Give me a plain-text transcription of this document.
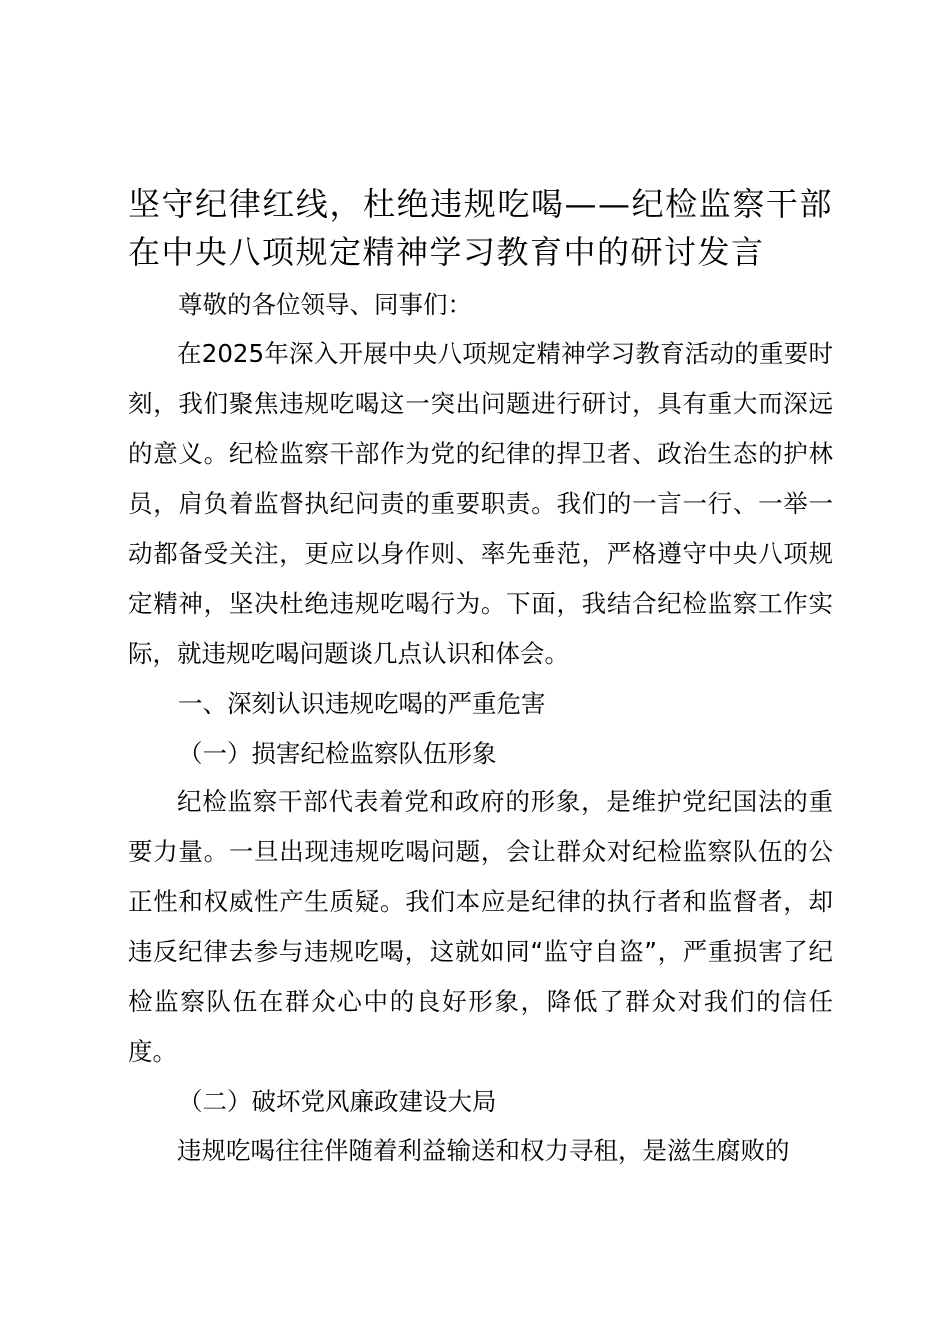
坚守纪律红线，杜绝违规吃喝——纪检监察干部在中央八项规定精神学习教育中的研讨发言

尊敬的各位领导、同事们：

在2025年深入开展中央八项规定精神学习教育活动的重要时刻，我们聚焦违规吃喝这一突出问题进行研讨，具有重大而深远的意义。纪检监察干部作为党的纪律的捍卫者、政治生态的护林员，肩负着监督执纪问责的重要职责。我们的一言一行、一举一动都备受关注，更应以身作则、率先垂范，严格遵守中央八项规定精神，坚决杜绝违规吃喝行为。下面，我结合纪检监察工作实际，就违规吃喝问题谈几点认识和体会。

一、深刻认识违规吃喝的严重危害

（一）损害纪检监察队伍形象

纪检监察干部代表着党和政府的形象，是维护党纪国法的重要力量。一旦出现违规吃喝问题，会让群众对纪检监察队伍的公正性和权威性产生质疑。我们本应是纪律的执行者和监督者，却违反纪律去参与违规吃喝，这就如同“监守自盗”，严重损害了纪检监察队伍在群众心中的良好形象，降低了群众对我们的信任度。

（二）破坏党风廉政建设大局

违规吃喝往往伴随着利益输送和权力寻租，是滋生腐败的
